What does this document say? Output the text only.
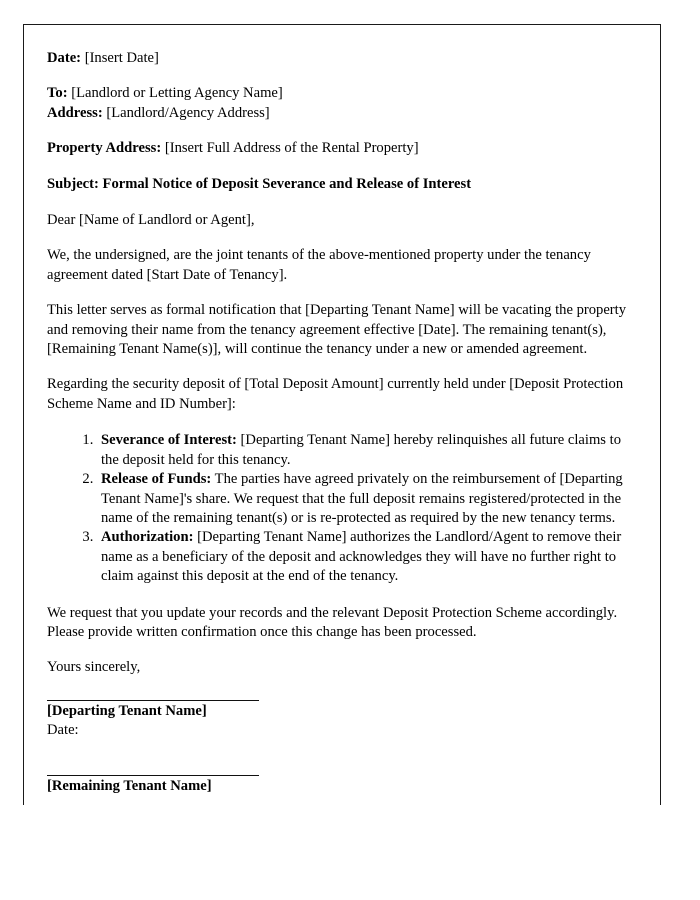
Date: [Insert Date]

To: [Landlord or Letting Agency Name]

Address: [Landlord/Agency Address]

Property Address: [Insert Full Address of the Rental Property]

Subject: Formal Notice of Deposit Severance and Release of Interest

Dear [Name of Landlord or Agent],

We, the undersigned, are the joint tenants of the above-mentioned property under the tenancy agreement dated [Start Date of Tenancy].

This letter serves as formal notification that [Departing Tenant Name] will be vacating the property and removing their name from the tenancy agreement effective [Date]. The remaining tenant(s), [Remaining Tenant Name(s)], will continue the tenancy under a new or amended agreement.

Regarding the security deposit of [Total Deposit Amount] currently held under [Deposit Protection Scheme Name and ID Number]:

1. Severance of Interest: [Departing Tenant Name] hereby relinquishes all future claims to the deposit held for this tenancy.
2. Release of Funds: The parties have agreed privately on the reimbursement of [Departing Tenant Name]'s share. We request that the full deposit remains registered/protected in the name of the remaining tenant(s) or is re-protected as required by the new tenancy terms.
3. Authorization: [Departing Tenant Name] authorizes the Landlord/Agent to remove their name as a beneficiary of the deposit and acknowledges they will have no further right to claim against this deposit at the end of the tenancy.

We request that you update your records and the relevant Deposit Protection Scheme accordingly. Please provide written confirmation once this change has been processed.

Yours sincerely,

[Departing Tenant Name]

Date:

[Remaining Tenant Name]
